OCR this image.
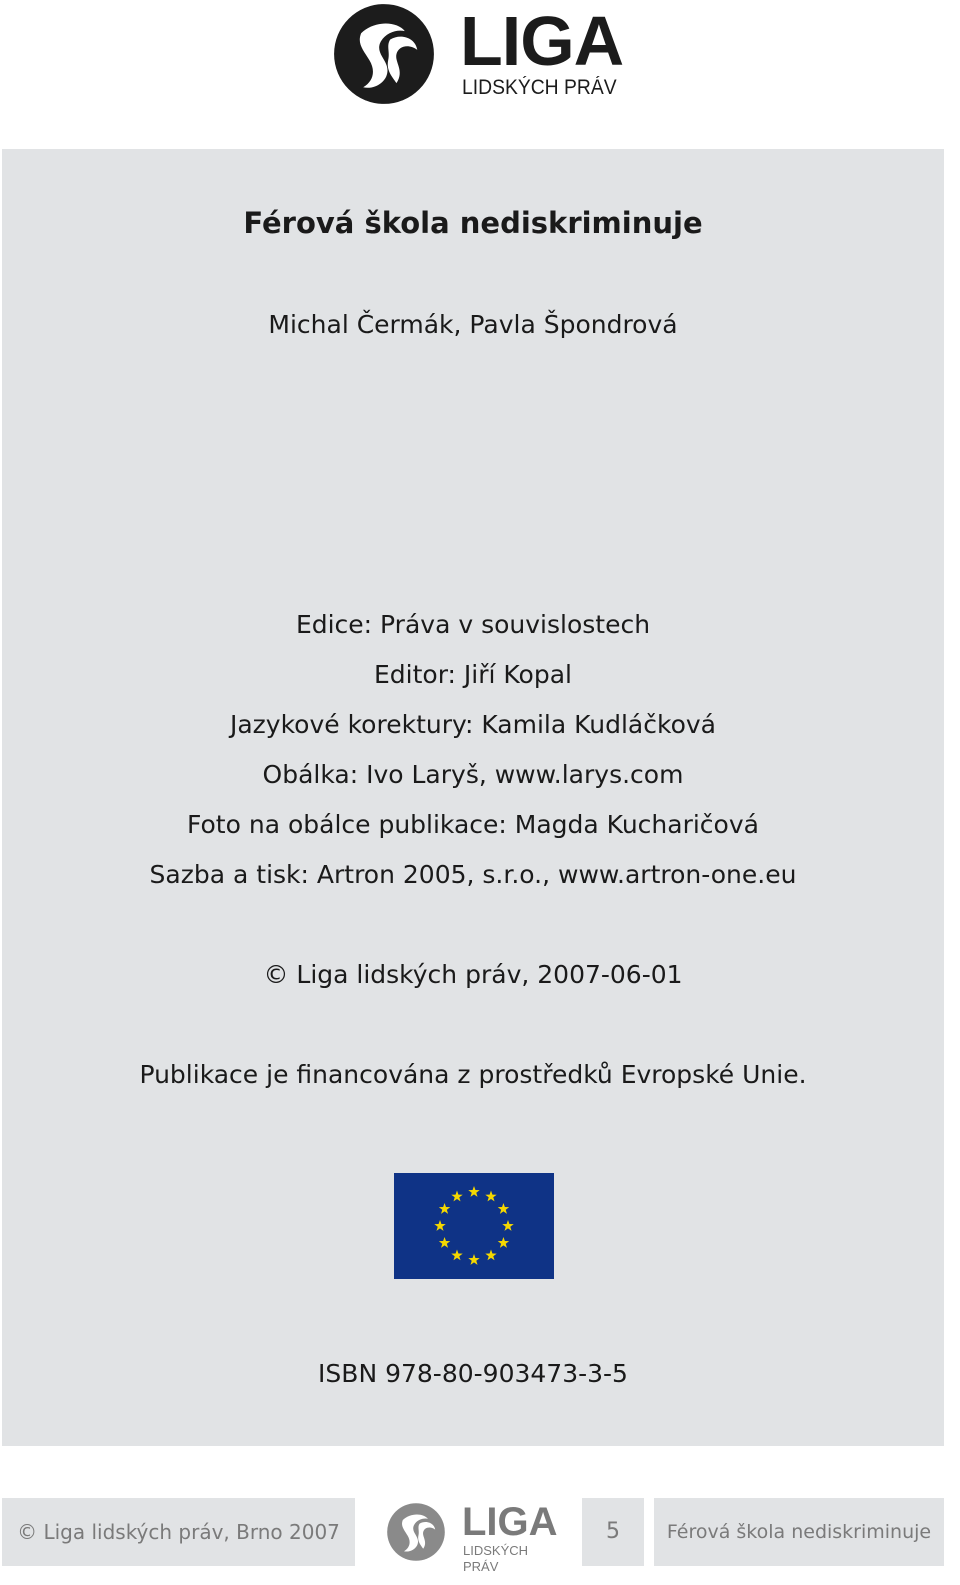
LIGA
LIDSKÝCH PRÁV
Férová škola nediskriminuje
Michal Čermák, Pavla Špondrová
Edice: Práva v souvislostech
Editor: Jiří Kopal
Jazykové korektury: Kamila Kudláčková
Obálka: Ivo Laryš, www.larys.com
Foto na obálce publikace: Magda Kucharičová
Sazba a tisk: Artron 2005, s.r.o., www.artron-one.eu
© Liga lidských práv, 2007-06-01
Publikace je financována z prostředků Evropské Unie.
ISBN 978-80-903473-3-5
© Liga lidských práv, Brno 2007	LIGA
LIDSKÝCH PRÁV
5	Férová škola nediskriminuje
